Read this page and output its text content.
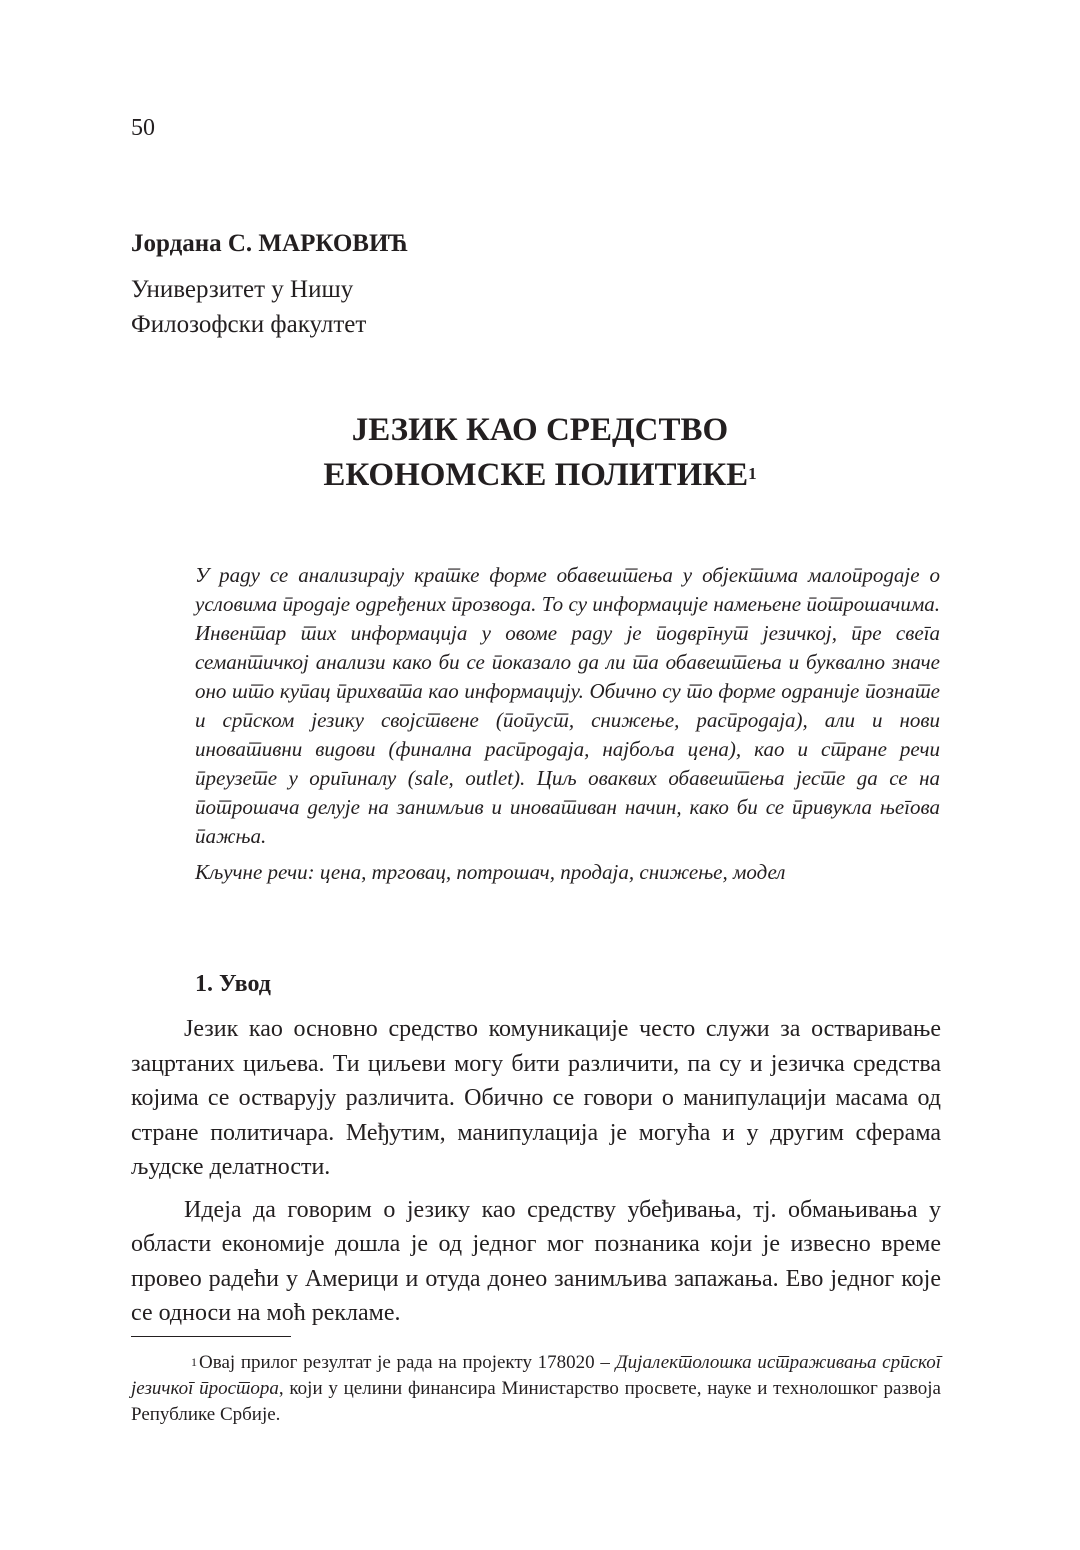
50
Јордана С. МАРКОВИЋ
Универзитет у Нишу
Филозофски факултет
ЈЕЗИК КАО СРЕДСТВО
ЕКОНОМСКЕ ПОЛИТИКЕ$^1$

У раду се анализирају кратке форме обавештења у објектима малопродаје о условима продаје одређених прозвода. То су информације намењене потрошачима. Инвентар тих информација у овоме раду је подвргнут језичкој, пре свега семантичкој анализи како би се показало да ли та обавештења и буквално значе оно што купац прихвата као информацију. Обично су то форме одраније познате и српском језику својствене (попуст, снижење, распродаја), али и нови иновативни видови (финална распродаја, најбоља цена), као и стране речи преузете у оригиналу (sale, outlet). Циљ оваквих обавештења јесте да се на потрошача делује на занимљив и иновативан начин, како би се привукла његова пажња.

Кључне речи: цена, трговац, потрошач, продаја, снижење, модел
1. Увод

Језик као основно средство комуникације често служи за остваривање зацртаних циљева. Ти циљеви могу бити различити, па су и језичка средства којима се остварују различита. Обично се говори о манипулацији масама од стране политичара. Међутим, манипулација је могућа и у другим сферама људске делатности.

Идеја да говорим о језику као средству убеђивања, тј. обмањивања у области економије дошла је од једног мог познаника који је извесно време провео радећи у Америци и отуда донео занимљива запажања. Ево једног које се односи на моћ рекламе.

$^1$ Овај прилог резултат је рада на пројекту 178020 – Дијалектолошка истраживања српског језичког простора, који у целини финансира Министарство просвете, науке и технолошког развоја Републике Србије.
